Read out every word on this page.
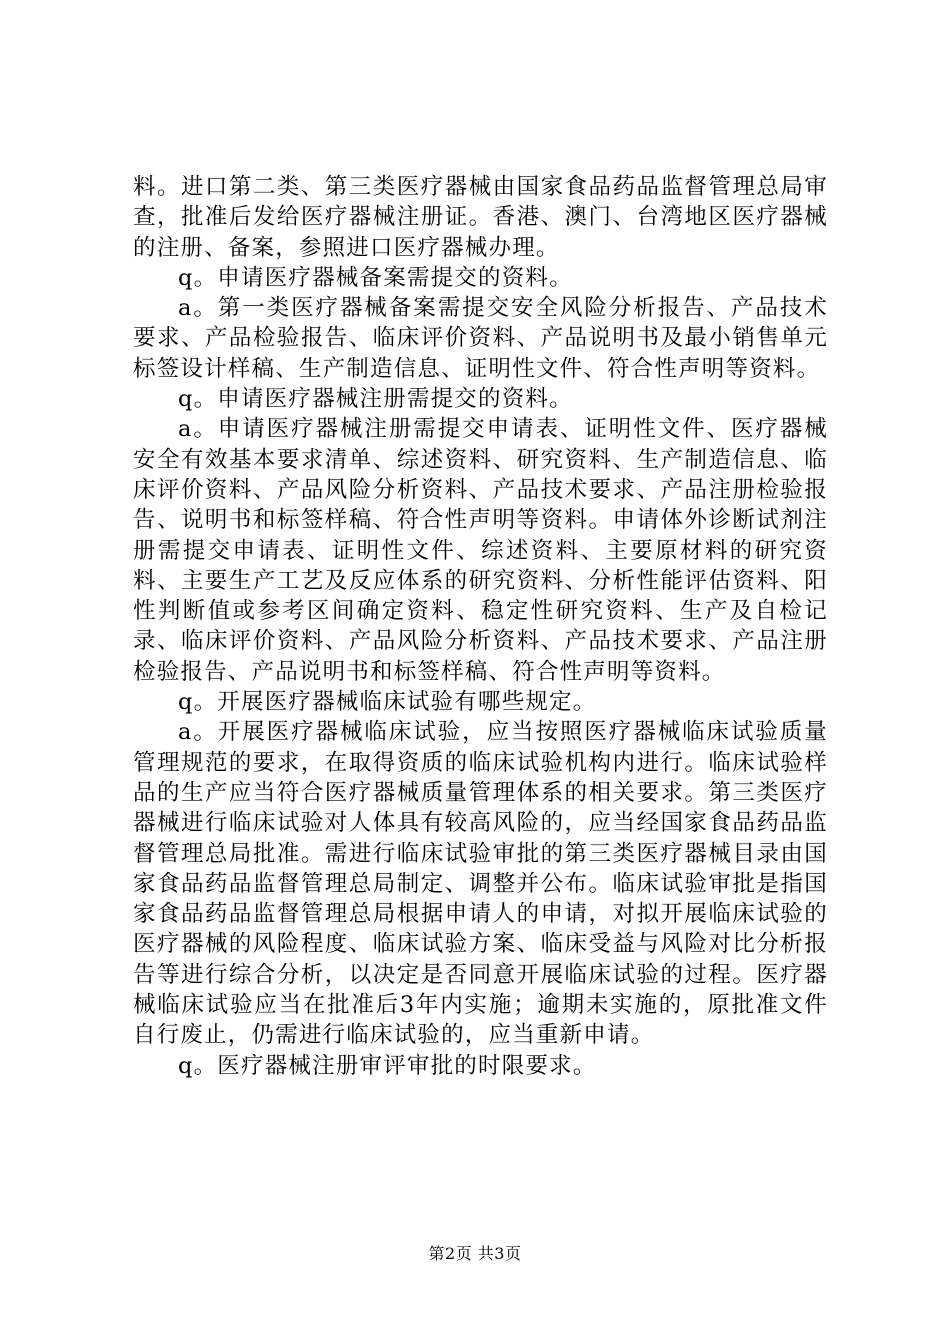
料。进口第二类、第三类医疗器械由国家食品药品监督管理总局审查，批准后发给医疗器械注册证。香港、澳门、台湾地区医疗器械的注册、备案，参照进口医疗器械办理。

q。申请医疗器械备案需提交的资料。

a。第一类医疗器械备案需提交安全风险分析报告、产品技术要求、产品检验报告、临床评价资料、产品说明书及最小销售单元标签设计样稿、生产制造信息、证明性文件、符合性声明等资料。

q。申请医疗器械注册需提交的资料。

a。申请医疗器械注册需提交申请表、证明性文件、医疗器械安全有效基本要求清单、综述资料、研究资料、生产制造信息、临床评价资料、产品风险分析资料、产品技术要求、产品注册检验报告、说明书和标签样稿、符合性声明等资料。申请体外诊断试剂注册需提交申请表、证明性文件、综述资料、主要原材料的研究资料、主要生产工艺及反应体系的研究资料、分析性能评估资料、阳性判断值或参考区间确定资料、稳定性研究资料、生产及自检记录、临床评价资料、产品风险分析资料、产品技术要求、产品注册检验报告、产品说明书和标签样稿、符合性声明等资料。

q。开展医疗器械临床试验有哪些规定。

a。开展医疗器械临床试验，应当按照医疗器械临床试验质量管理规范的要求，在取得资质的临床试验机构内进行。临床试验样品的生产应当符合医疗器械质量管理体系的相关要求。第三类医疗器械进行临床试验对人体具有较高风险的，应当经国家食品药品监督管理总局批准。需进行临床试验审批的第三类医疗器械目录由国家食品药品监督管理总局制定、调整并公布。临床试验审批是指国家食品药品监督管理总局根据申请人的申请，对拟开展临床试验的医疗器械的风险程度、临床试验方案、临床受益与风险对比分析报告等进行综合分析，以决定是否同意开展临床试验的过程。医疗器械临床试验应当在批准后3年内实施；逾期未实施的，原批准文件自行废止，仍需进行临床试验的，应当重新申请。

q。医疗器械注册审评审批的时限要求。

第2页 共3页
